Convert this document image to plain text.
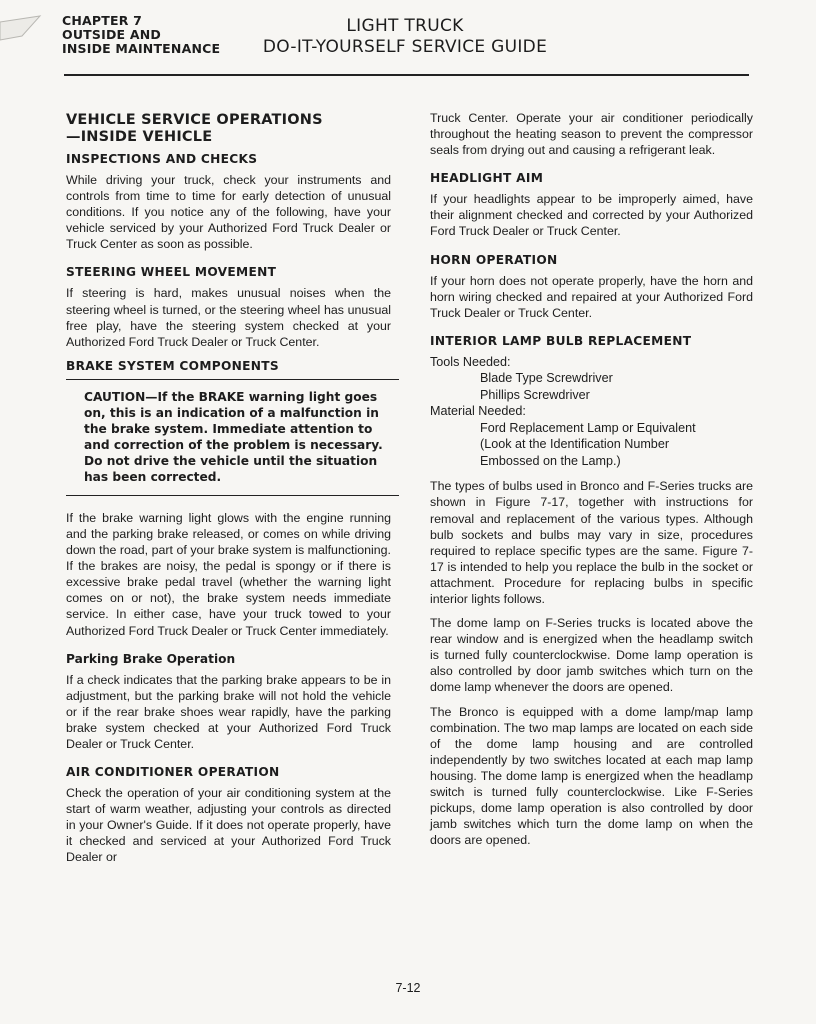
CHAPTER 7
OUTSIDE AND
INSIDE MAINTENANCE
LIGHT TRUCK
DO-IT-YOURSELF SERVICE GUIDE
VEHICLE SERVICE OPERATIONS
—INSIDE VEHICLE
INSPECTIONS AND CHECKS

While driving your truck, check your instruments and controls from time to time for early detection of unusual conditions. If you notice any of the following, have your vehicle serviced by your Authorized Ford Truck Dealer or Truck Center as soon as possible.

STEERING WHEEL MOVEMENT

If steering is hard, makes unusual noises when the steering wheel is turned, or the steering wheel has unusual free play, have the steering system checked at your Authorized Ford Truck Dealer or Truck Center.

BRAKE SYSTEM COMPONENTS
CAUTION—If the BRAKE warning light goes on, this is an indication of a malfunction in the brake system. Immediate attention to and correction of the problem is necessary. Do not drive the vehicle until the situation has been corrected.

If the brake warning light glows with the engine running and the parking brake released, or comes on while driving down the road, part of your brake system is malfunctioning. If the brakes are noisy, the pedal is spongy or if there is excessive brake pedal travel (whether the warning light comes on or not), the brake system needs immediate service. In either case, have your truck towed to your Authorized Ford Truck Dealer or Truck Center immediately.

Parking Brake Operation

If a check indicates that the parking brake appears to be in adjustment, but the parking brake will not hold the vehicle or if the rear brake shoes wear rapidly, have the parking brake system checked at your Authorized Ford Truck Dealer or Truck Center.

AIR CONDITIONER OPERATION

Check the operation of your air conditioning system at the start of warm weather, adjusting your controls as directed in your Owner's Guide. If it does not operate properly, have it checked and serviced at your Authorized Ford Truck Dealer or

Truck Center. Operate your air conditioner periodically throughout the heating season to prevent the compressor seals from drying out and causing a refrigerant leak.

HEADLIGHT AIM

If your headlights appear to be improperly aimed, have their alignment checked and corrected by your Authorized Ford Truck Dealer or Truck Center.

HORN OPERATION

If your horn does not operate properly, have the horn and horn wiring checked and repaired at your Authorized Ford Truck Dealer or Truck Center.

INTERIOR LAMP BULB REPLACEMENT
Tools Needed:
Blade Type Screwdriver
Phillips Screwdriver
Material Needed:
Ford Replacement Lamp or Equivalent
(Look at the Identification Number
Embossed on the Lamp.)

The types of bulbs used in Bronco and F-Series trucks are shown in Figure 7-17, together with instructions for removal and replacement of the various types. Although bulb sockets and bulbs may vary in size, procedures required to replace specific types are the same. Figure 7-17 is intended to help you replace the bulb in the socket or attachment. Procedure for replacing bulbs in specific interior lights follows.

The dome lamp on F-Series trucks is located above the rear window and is energized when the headlamp switch is turned fully counterclockwise. Dome lamp operation is also controlled by door jamb switches which turn on the dome lamp whenever the doors are opened.

The Bronco is equipped with a dome lamp/map lamp combination. The two map lamps are located on each side of the dome lamp housing and are controlled independently by two switches located at each map lamp housing. The dome lamp is energized when the headlamp switch is turned fully counterclockwise. Like F-Series pickups, dome lamp operation is also controlled by door jamb switches which turn the dome lamp on when the doors are opened.

7-12
